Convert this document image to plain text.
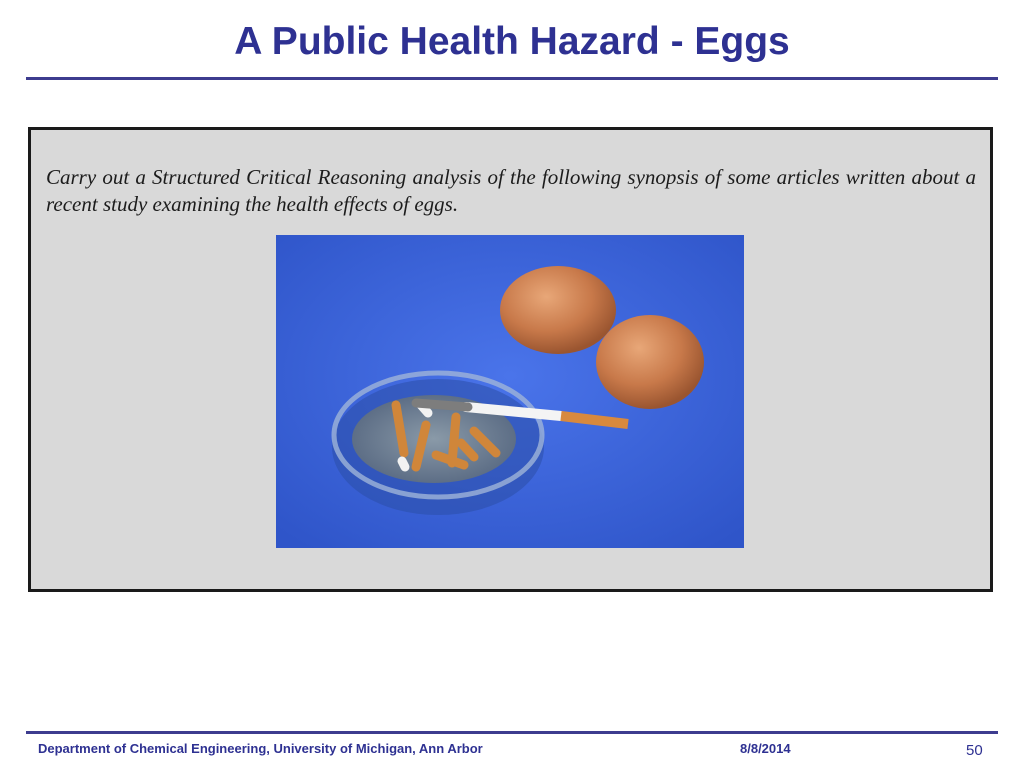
A Public Health Hazard - Eggs

Carry out a Structured Critical Reasoning analysis of the following synopsis of some articles written about a recent study examining the health effects of eggs.

Department of Chemical Engineering, University of Michigan, Ann Arbor	8/8/2014	50
